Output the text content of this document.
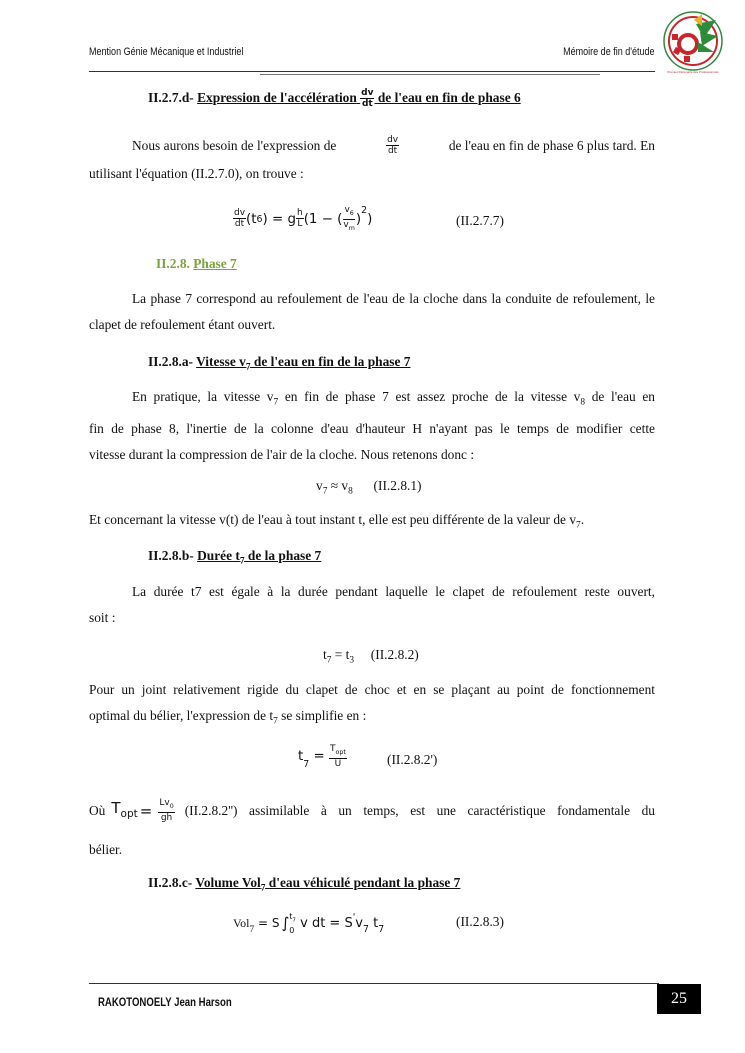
Mention Génie Mécanique et Industriel	Mémoire de fin d'étude
Premier Partenaire des Professionnels
II.2.7.d- Expression de l'accélération $\frac{dv}{dt}$ de l'eau en fin de phase 6
Nous aurons besoin de l'expression de	$\frac{dv}{dt}$	de l'eau en fin de phase 6 plus tard. En
utilisant l'équation (II.2.7.0), on trouve :
$\frac{dv}{dt} (t$ 6 ) = g $\frac{h}{L} (1$ − ( $\frac{v_6}{v_m}$ )
$^2$
)	(II.2.7.7)
II.2.8. Phase 7
La phase 7 correspond au refoulement de l'eau de la cloche dans la conduite de refoulement, le clapet de refoulement étant ouvert.
II.2.8.a- Vitesse $v_7$ de l'eau en fin de la phase 7
En pratique, la vitesse $v_7$ en fin de phase 7 est assez proche de la vitesse $v_8$ de l'eau en
fin de phase 8, l'inertie de la colonne d'eau d'hauteur H n'ayant pas le temps de modifier cette
vitesse durant la compression de l'air de la cloche. Nous retenons donc :
$v_7 \approx v_8$ (II.2.8.1)
Et concernant la vitesse v(t) de l'eau à tout instant t, elle est peu différente de la valeur de $v_7$.
II.2.8.b- Durée $t_7$ de la phase 7
La durée t7 est égale à la durée pendant laquelle le clapet de refoulement reste ouvert,
soit :
$t_7 = t_3$ (II.2.8.2)
Pour un joint relativement rigide du clapet de choc et en se plaçant au point de fonctionnement
optimal du bélier, l'expression de $t_7$ se simplifie en :
$t_7 = \frac{T_{opt}}{U}$	(II.2.8.2')
Où $T_{opt} = \frac{Lv_0}{gh} (II.2.8.2'')$ assimilable à un temps, est une caractéristique fondamentale du
bélier.
II.2.8.c- Volume Vol$_7$ d'eau véhiculé pendant la phase 7
Vol$_7$ = S ∫ $t_7$
0 v dt = S' $v_7$ $t_7$
(II.2.8.3)
RAKOTONOELY Jean Harson	25
